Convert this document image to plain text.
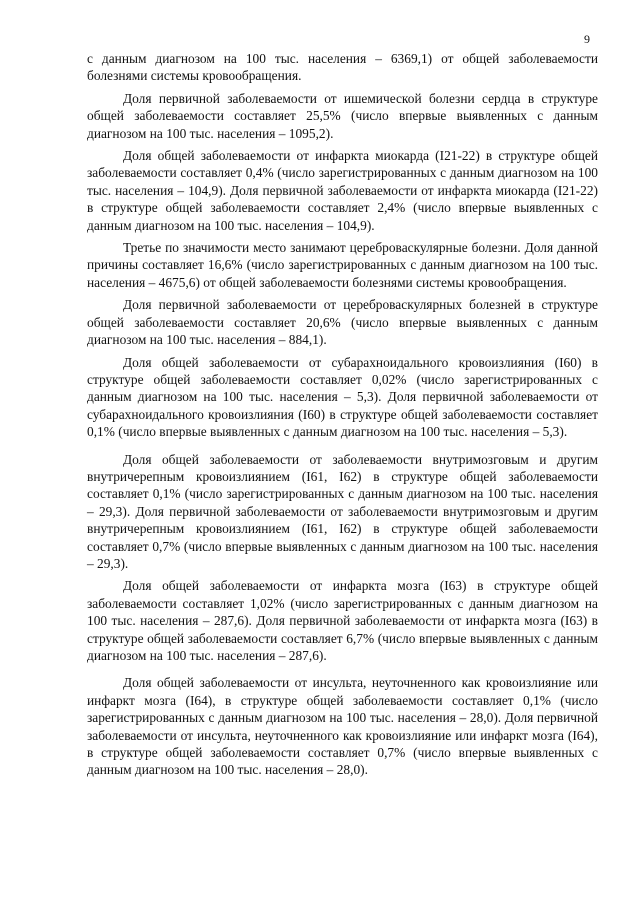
9

с данным диагнозом на 100 тыс. населения – 6369,1) от общей заболеваемости болезнями системы кровообращения.

Доля первичной заболеваемости от ишемической болезни сердца в структуре общей заболеваемости составляет 25,5% (число впервые выявленных с данным диагнозом на 100 тыс. населения – 1095,2).

Доля общей заболеваемости от инфаркта миокарда (I21-22) в структуре общей заболеваемости составляет 0,4% (число зарегистрированных с данным диагнозом на 100 тыс. населения – 104,9). Доля первичной заболеваемости от инфаркта миокарда (I21-22) в структуре общей заболеваемости составляет 2,4% (число впервые выявленных с данным диагнозом на 100 тыс. населения – 104,9).

Третье по значимости место занимают цереброваскулярные болезни. Доля данной причины составляет 16,6% (число зарегистрированных с данным диагнозом на 100 тыс. населения – 4675,6) от общей заболеваемости болезнями системы кровообращения.

Доля первичной заболеваемости от цереброваскулярных болезней в структуре общей заболеваемости составляет 20,6% (число впервые выявленных с данным диагнозом на 100 тыс. населения – 884,1).

Доля общей заболеваемости от субарахноидального кровоизлияния (I60) в структуре общей заболеваемости составляет 0,02% (число зарегистрированных с данным диагнозом на 100 тыс. населения – 5,3). Доля первичной заболеваемости от субарахноидального кровоизлияния (I60) в структуре общей заболеваемости составляет 0,1% (число впервые выявленных с данным диагнозом на 100 тыс. населения – 5,3).

Доля общей заболеваемости от заболеваемости внутримозговым и другим внутричерепным кровоизлиянием (I61, I62) в структуре общей заболеваемости составляет 0,1% (число зарегистрированных с данным диагнозом на 100 тыс. населения – 29,3). Доля первичной заболеваемости от заболеваемости внутримозговым и другим внутричерепным кровоизлиянием (I61, I62) в структуре общей заболеваемости составляет 0,7% (число впервые выявленных с данным диагнозом на 100 тыс. населения – 29,3).

Доля общей заболеваемости от инфаркта мозга (I63) в структуре общей заболеваемости составляет 1,02% (число зарегистрированных с данным диагнозом на 100 тыс. населения – 287,6). Доля первичной заболеваемости от инфаркта мозга (I63) в структуре общей заболеваемости составляет 6,7% (число впервые выявленных с данным диагнозом на 100 тыс. населения – 287,6).

Доля общей заболеваемости от инсульта, неуточненного как кровоизлияние или инфаркт мозга (I64), в структуре общей заболеваемости составляет 0,1% (число зарегистрированных с данным диагнозом на 100 тыс. населения – 28,0). Доля первичной заболеваемости от инсульта, неуточненного как кровоизлияние или инфаркт мозга (I64), в структуре общей заболеваемости составляет 0,7% (число впервые выявленных с данным диагнозом на 100 тыс. населения – 28,0).
